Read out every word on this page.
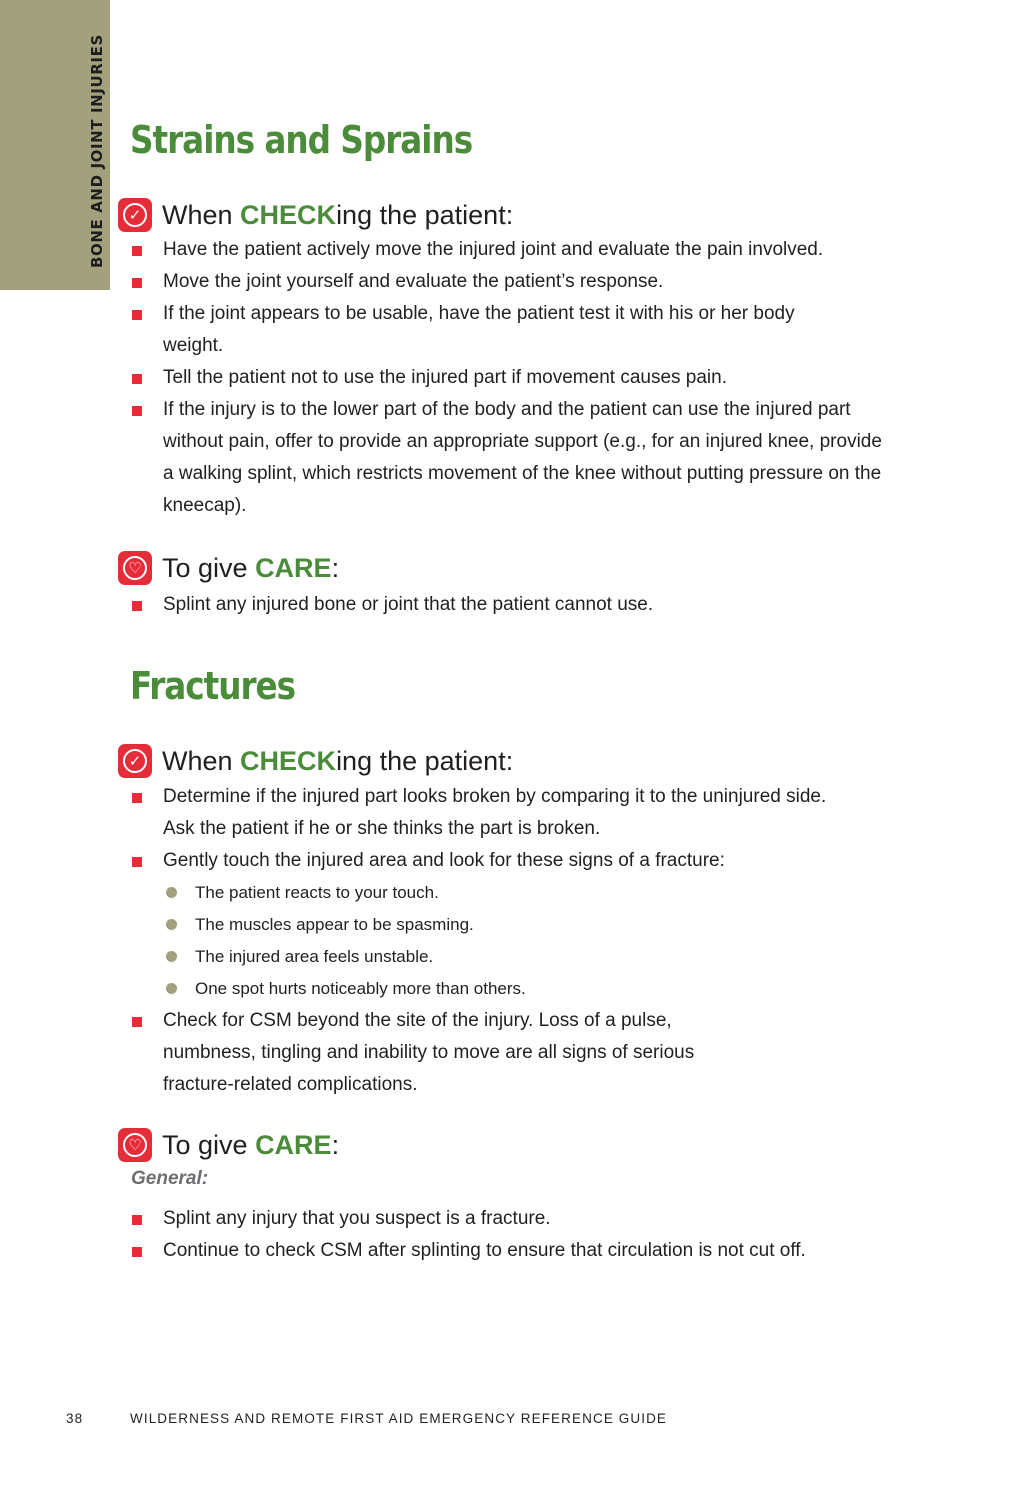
BONE AND JOINT INJURIES Strains and Sprains
✓ When CHECKing the patient:
Have the patient actively move the injured joint and evaluate the pain involved.
Move the joint yourself and evaluate the patient’s response.
If the joint appears to be usable, have the patient test it with his or her body weight.
Tell the patient not to use the injured part if movement causes pain.
If the injury is to the lower part of the body and the patient can use the injured part without pain, offer to provide an appropriate support (e.g., for an injured knee, provide a walking splint, which restricts movement of the knee without putting pressure on the kneecap).
♡ To give CARE:
Splint any injured bone or joint that the patient cannot use.
Fractures
✓ When CHECKing the patient:
Determine if the injured part looks broken by comparing it to the uninjured side. Ask the patient if he or she thinks the part is broken.
Gently touch the injured area and look for these signs of a fracture:
The patient reacts to your touch.
The muscles appear to be spasming.
The injured area feels unstable.
One spot hurts noticeably more than others.
Check for CSM beyond the site of the injury. Loss of a pulse, numbness, tingling and inability to move are all signs of serious fracture-related complications.
♡ To give CARE:
General:
Splint any injury that you suspect is a fracture.
Continue to check CSM after splinting to ensure that circulation is not cut off.
38	WILDERNESS AND REMOTE FIRST AID EMERGENCY REFERENCE GUIDE
